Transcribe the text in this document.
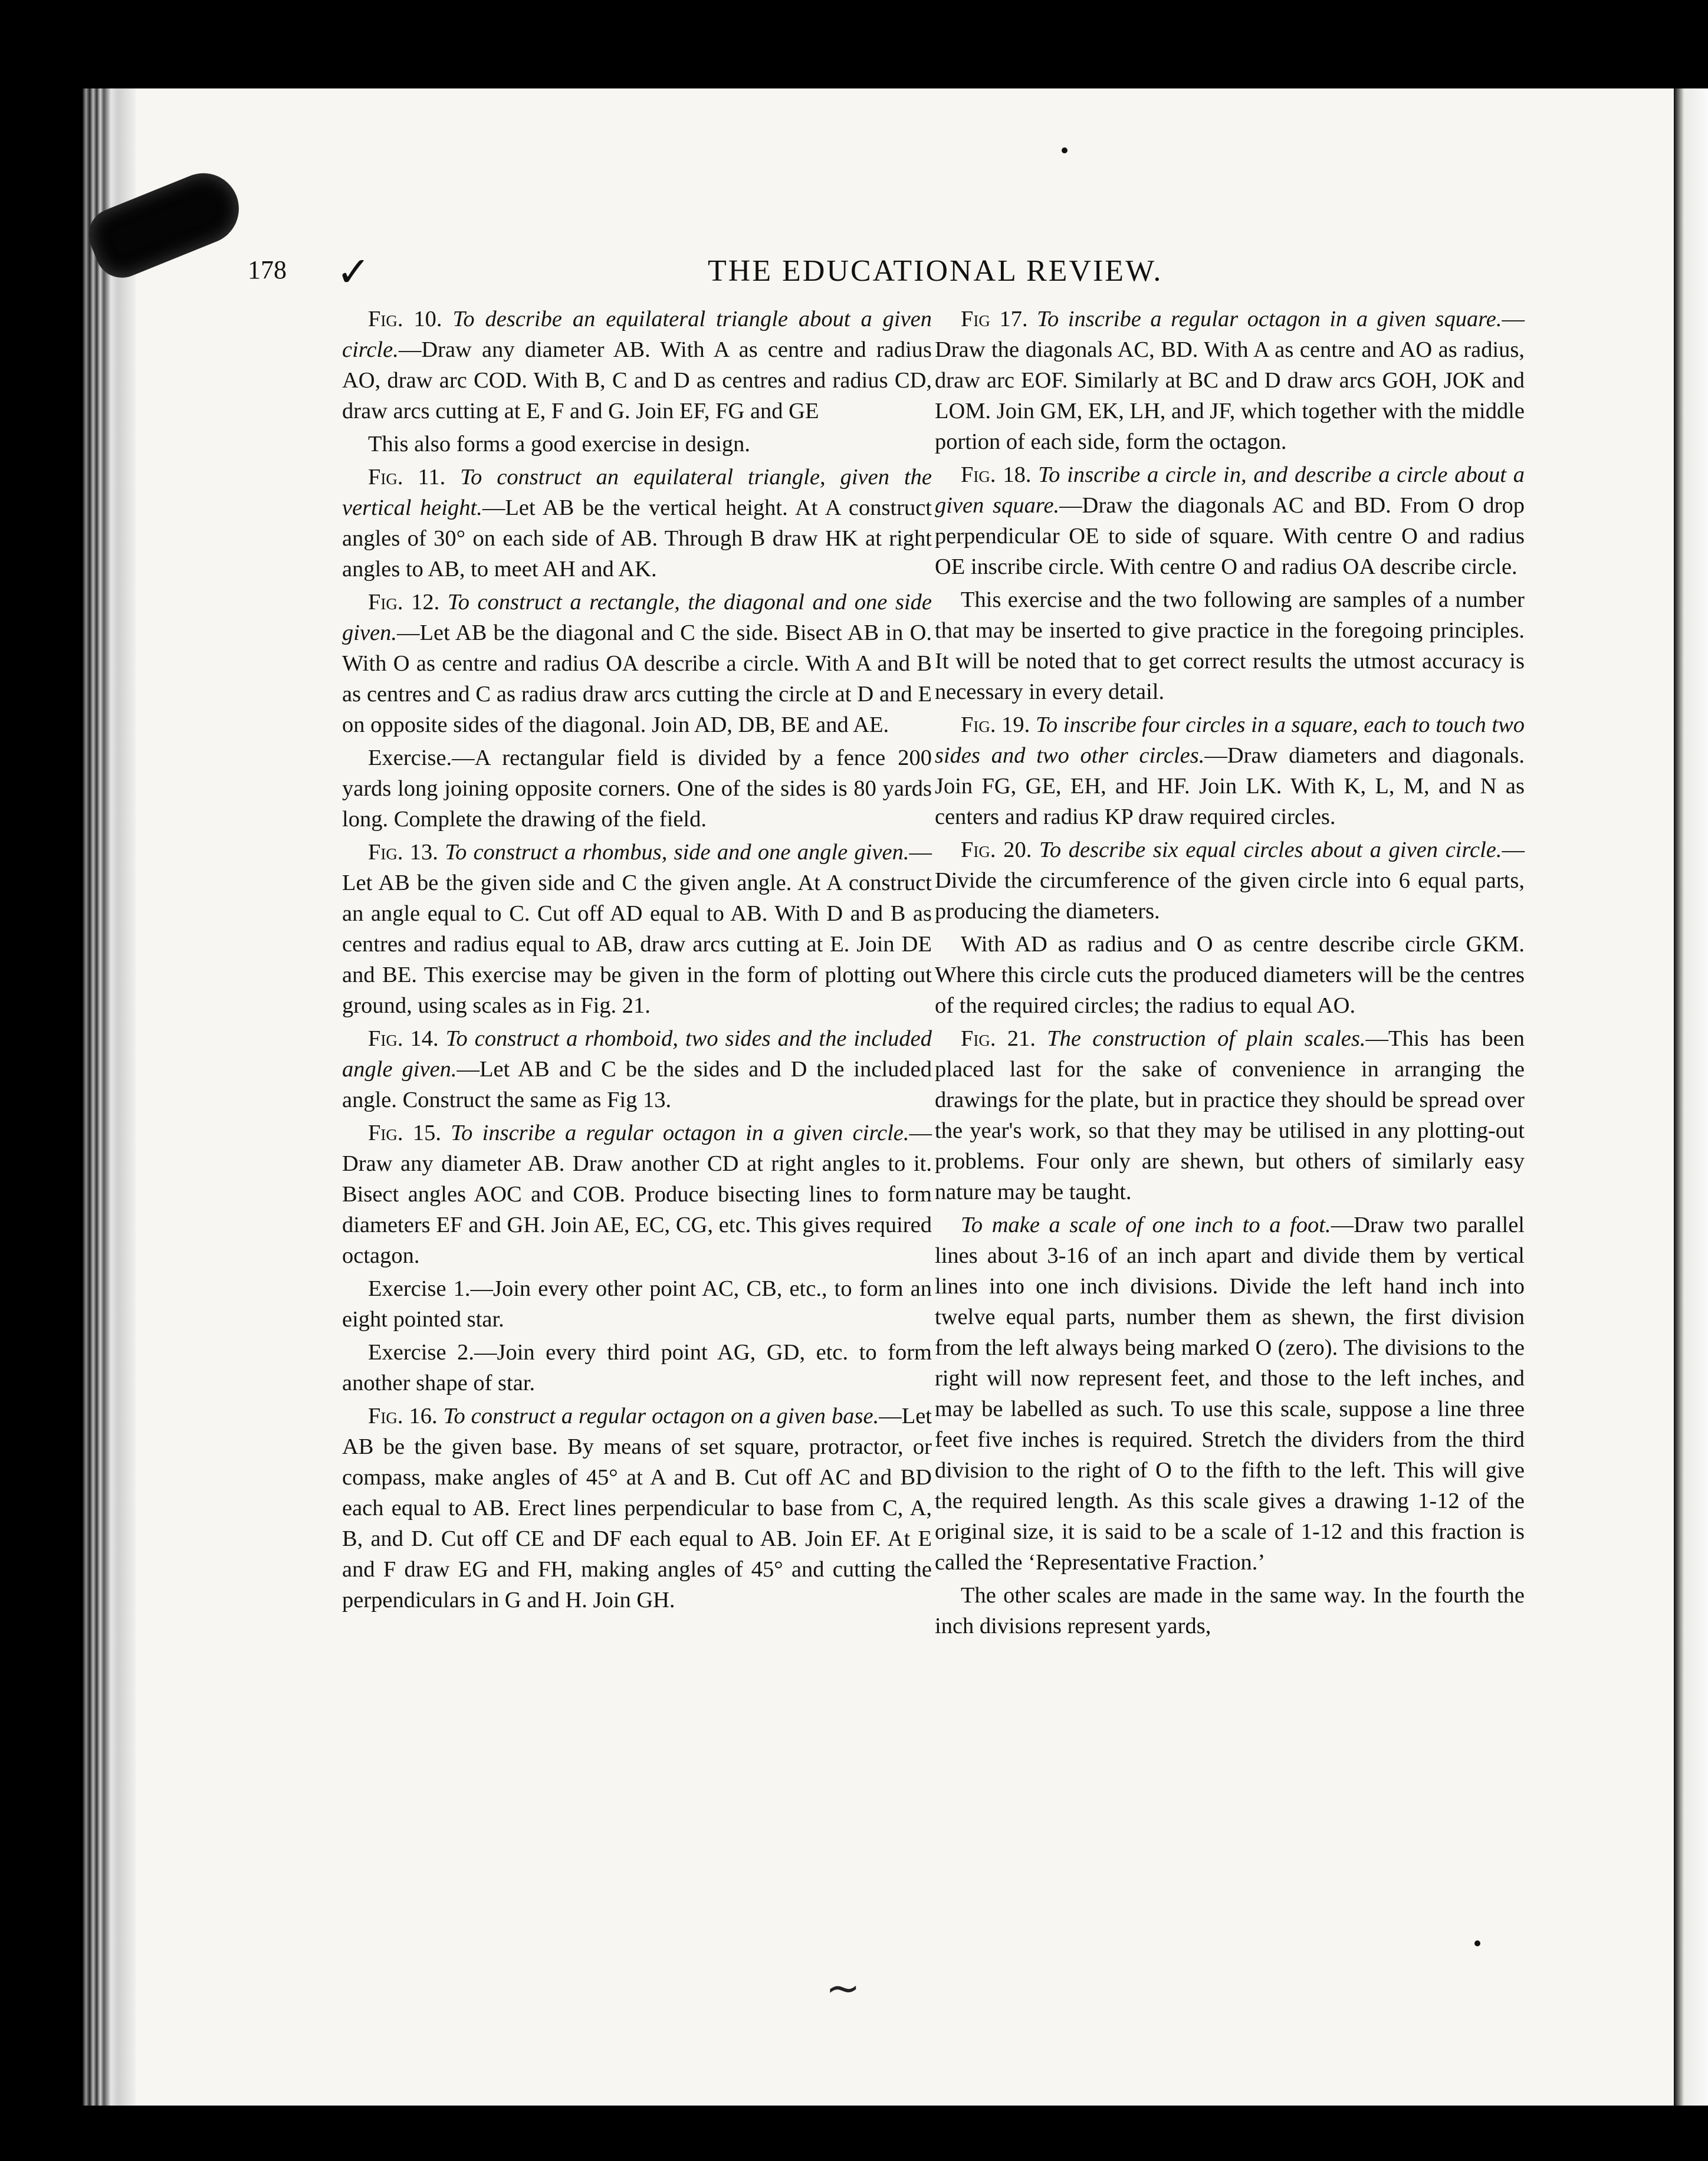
178 ✓	THE EDUCATIONAL REVIEW.

Fig. 10. To describe an equilateral triangle about a given circle.—Draw any diameter AB. With A as centre and radius AO, draw arc COD. With B, C and D as centres and radius CD, draw arcs cutting at E, F and G. Join EF, FG and GE

This also forms a good exercise in design.

Fig. 11. To construct an equilateral triangle, given the vertical height.—Let AB be the vertical height. At A construct angles of 30° on each side of AB. Through B draw HK at right angles to AB, to meet AH and AK.

Fig. 12. To construct a rectangle, the diagonal and one side given.—Let AB be the diagonal and C the side. Bisect AB in O. With O as centre and radius OA describe a circle. With A and B as centres and C as radius draw arcs cutting the circle at D and E on opposite sides of the diagonal. Join AD, DB, BE and AE.

Exercise.—A rectangular field is divided by a fence 200 yards long joining opposite corners. One of the sides is 80 yards long. Complete the drawing of the field.

Fig. 13. To construct a rhombus, side and one angle given.—Let AB be the given side and C the given angle. At A construct an angle equal to C. Cut off AD equal to AB. With D and B as centres and radius equal to AB, draw arcs cutting at E. Join DE and BE. This exercise may be given in the form of plotting out ground, using scales as in Fig. 21.

Fig. 14. To construct a rhomboid, two sides and the included angle given.—Let AB and C be the sides and D the included angle. Construct the same as Fig 13.

Fig. 15. To inscribe a regular octagon in a given circle.—Draw any diameter AB. Draw another CD at right angles to it. Bisect angles AOC and COB. Produce bisecting lines to form diameters EF and GH. Join AE, EC, CG, etc. This gives required octagon.

Exercise 1.—Join every other point AC, CB, etc., to form an eight pointed star.

Exercise 2.—Join every third point AG, GD, etc. to form another shape of star.

Fig. 16. To construct a regular octagon on a given base.—Let AB be the given base. By means of set square, protractor, or compass, make angles of 45° at A and B. Cut off AC and BD each equal to AB. Erect lines perpendicular to base from C, A, B, and D. Cut off CE and DF each equal to AB. Join EF. At E and F draw EG and FH, making angles of 45° and cutting the perpendiculars in G and H. Join GH.

Fig 17. To inscribe a regular octagon in a given square.—Draw the diagonals AC, BD. With A as centre and AO as radius, draw arc EOF. Similarly at BC and D draw arcs GOH, JOK and LOM. Join GM, EK, LH, and JF, which together with the middle portion of each side, form the octagon.

Fig. 18. To inscribe a circle in, and describe a circle about a given square.—Draw the diagonals AC and BD. From O drop perpendicular OE to side of square. With centre O and radius OE inscribe circle. With centre O and radius OA describe circle.

This exercise and the two following are samples of a number that may be inserted to give practice in the foregoing principles. It will be noted that to get correct results the utmost accuracy is necessary in every detail.

Fig. 19. To inscribe four circles in a square, each to touch two sides and two other circles.—Draw diameters and diagonals. Join FG, GE, EH, and HF. Join LK. With K, L, M, and N as centers and radius KP draw required circles.

Fig. 20. To describe six equal circles about a given circle.—Divide the circumference of the given circle into 6 equal parts, producing the diameters.

With AD as radius and O as centre describe circle GKM. Where this circle cuts the produced diameters will be the centres of the required circles; the radius to equal AO.

Fig. 21. The construction of plain scales.—This has been placed last for the sake of convenience in arranging the drawings for the plate, but in practice they should be spread over the year's work, so that they may be utilised in any plotting-out problems. Four only are shewn, but others of similarly easy nature may be taught.

To make a scale of one inch to a foot.—Draw two parallel lines about 3-16 of an inch apart and divide them by vertical lines into one inch divisions. Divide the left hand inch into twelve equal parts, number them as shewn, the first division from the left always being marked O (zero). The divisions to the right will now represent feet, and those to the left inches, and may be labelled as such. To use this scale, suppose a line three feet five inches is required. Stretch the dividers from the third division to the right of O to the fifth to the left. This will give the required length. As this scale gives a drawing 1-12 of the original size, it is said to be a scale of 1-12 and this fraction is called the ‘Representative Fraction.’

The other scales are made in the same way. In the fourth the inch divisions represent yards,

~
